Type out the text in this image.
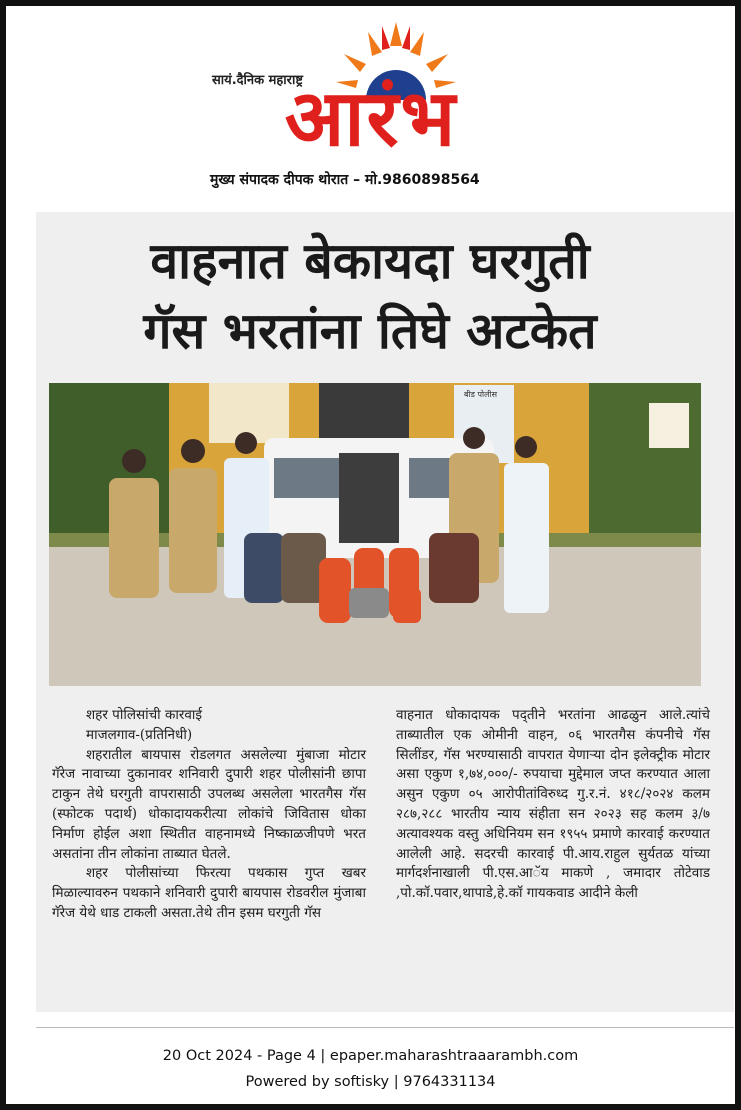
सायं.दैनिक महाराष्ट्र
आरंभ
मुख्य संपादक दीपक थोरात – मो.9860898564
वाहनात बेकायदा घरगुती
गॅस भरतांना तिघे अटकेत
बीड पोलीस

शहर पोलिसांची कारवाई

माजलगाव-(प्रतिनिधी)

शहरातील बायपास रोडलगत असलेल्या मुंबाजा मोटार गॅरेज नावाच्या दुकानावर शनिवारी दुपारी शहर पोलीसांनी छापा टाकुन तेथे घरगुती वापरासाठी उपलब्ध असलेला भारतगैस गॅस (स्फोटक पदार्थ) धोकादायकरीत्या लोकांचे जिवितास धोका निर्माण होईल अशा स्थितीत वाहनामध्ये निष्काळजीपणे भरत असतांना तीन लोकांना ताब्यात घेतले.

शहर पोलीसांच्या फिरत्या पथकास गुप्त खबर मिळाल्यावरुन पथकाने शनिवारी दुपारी बायपास रोडवरील मुंजाबा गॅरेज येथे धाड टाकली असता.तेथे तीन इसम घरगुती गॅस

वाहनात धोकादायक पद्तीने भरतांना आढळुन आले.त्यांचे ताब्यातील एक ओमीनी वाहन, ०६ भारतगैस कंपनीचे गॅस सिलींडर, गॅस भरण्यासाठी वापरात येणाऱ्या दोन इलेक्ट्रीक मोटार असा एकुण १,७४,०००/- रुपयाचा मुद्देमाल जप्त करण्यात आला असुन एकुण ०५ आरोपीतांविरुध्द गु.र.नं. ४१८/२०२४ कलम २८७,२८८ भारतीय न्याय संहीता सन २०२३ सह कलम ३/७ अत्यावश्यक वस्तु अधिनियम सन १९५५ प्रमाणे कारवाई करण्यात आलेली आहे. सदरची कारवाई पी.आय.राहुल सुर्यतळ यांच्या मार्गदर्शनाखाली पी.एस.आॅय माकणे , जमादार तोटेवाड ,पो.कॉ.पवार,थापाडे,हे.कॉ गायकवाड आदीने केली

20 Oct 2024 - Page 4 | epaper.maharashtraaarambh.com
Powered by softisky | 9764331134
